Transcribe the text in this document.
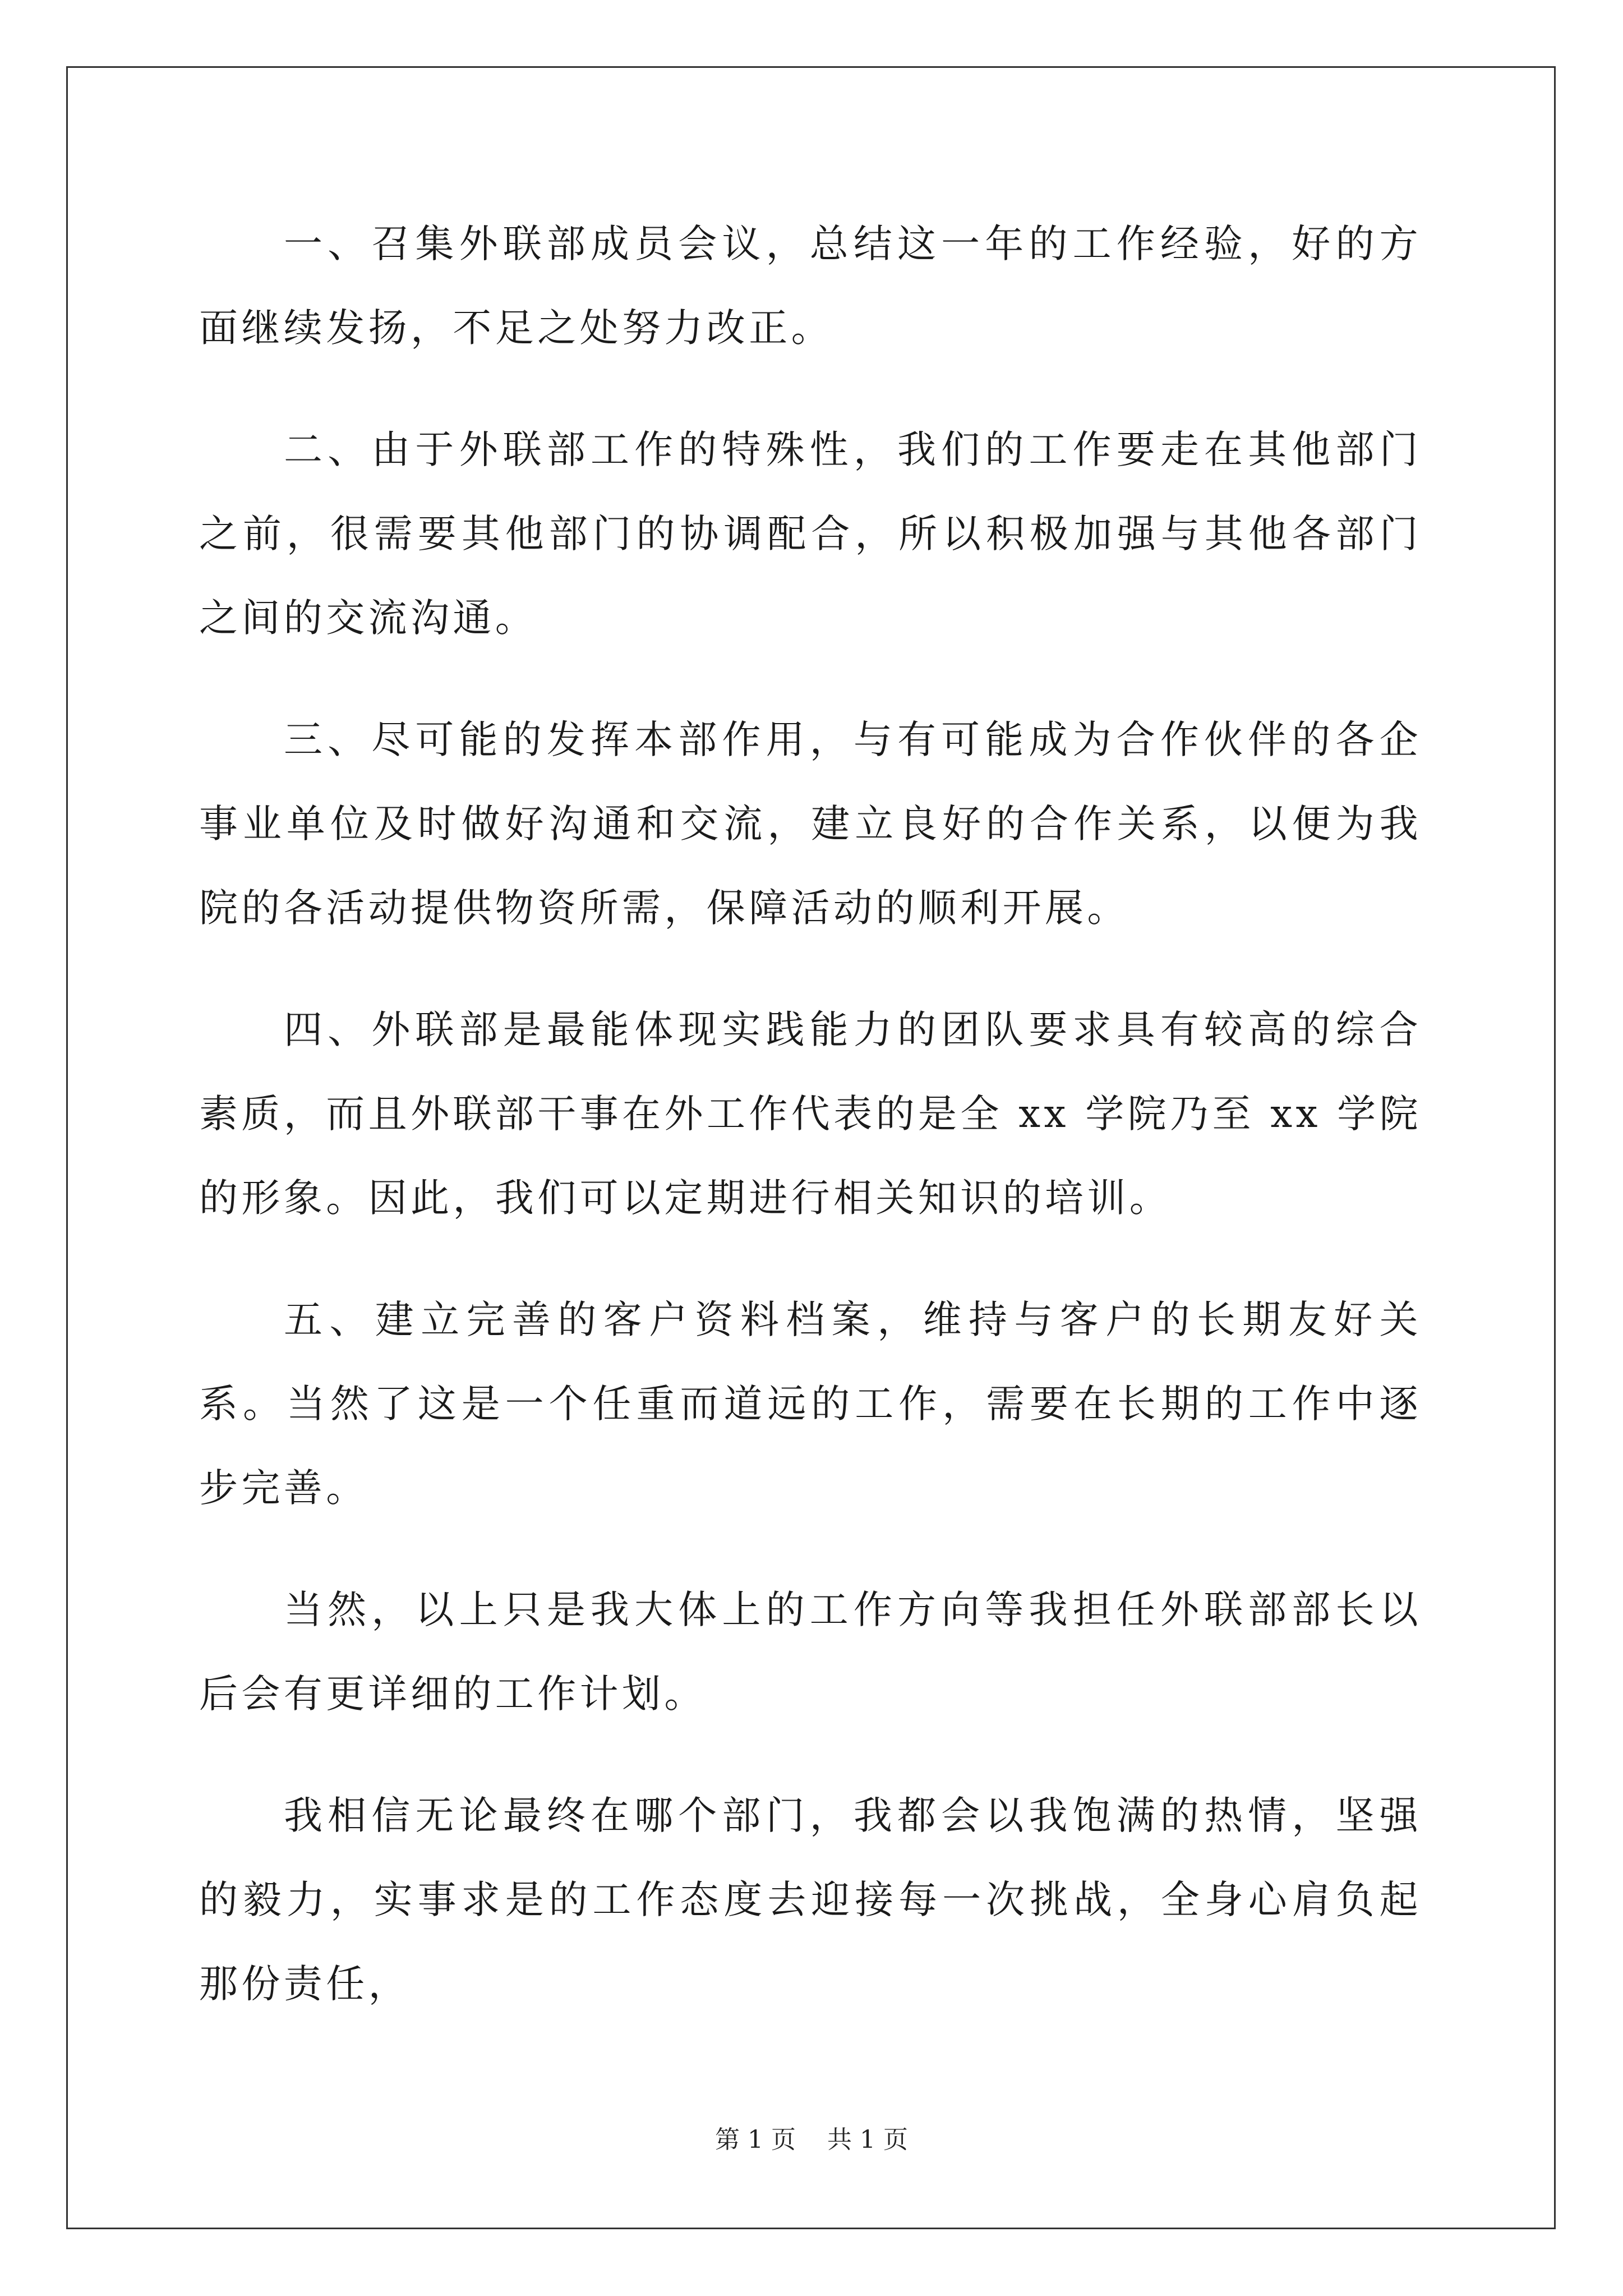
一、召集外联部成员会议，总结这一年的工作经验，好的方面继续发扬，不足之处努力改正。

二、由于外联部工作的特殊性，我们的工作要走在其他部门之前，很需要其他部门的协调配合，所以积极加强与其他各部门之间的交流沟通。

三、尽可能的发挥本部作用，与有可能成为合作伙伴的各企事业单位及时做好沟通和交流，建立良好的合作关系，以便为我院的各活动提供物资所需，保障活动的顺利开展。

四、外联部是最能体现实践能力的团队要求具有较高的综合素质，而且外联部干事在外工作代表的是全 xx 学院乃至 xx 学院的形象。因此，我们可以定期进行相关知识的培训。

五、建立完善的客户资料档案，维持与客户的长期友好关系。当然了这是一个任重而道远的工作，需要在长期的工作中逐步完善。

当然，以上只是我大体上的工作方向等我担任外联部部长以后会有更详细的工作计划。

我相信无论最终在哪个部门，我都会以我饱满的热情，坚强的毅力，实事求是的工作态度去迎接每一次挑战，全身心肩负起那份责任，

第 1 页 共 1 页
